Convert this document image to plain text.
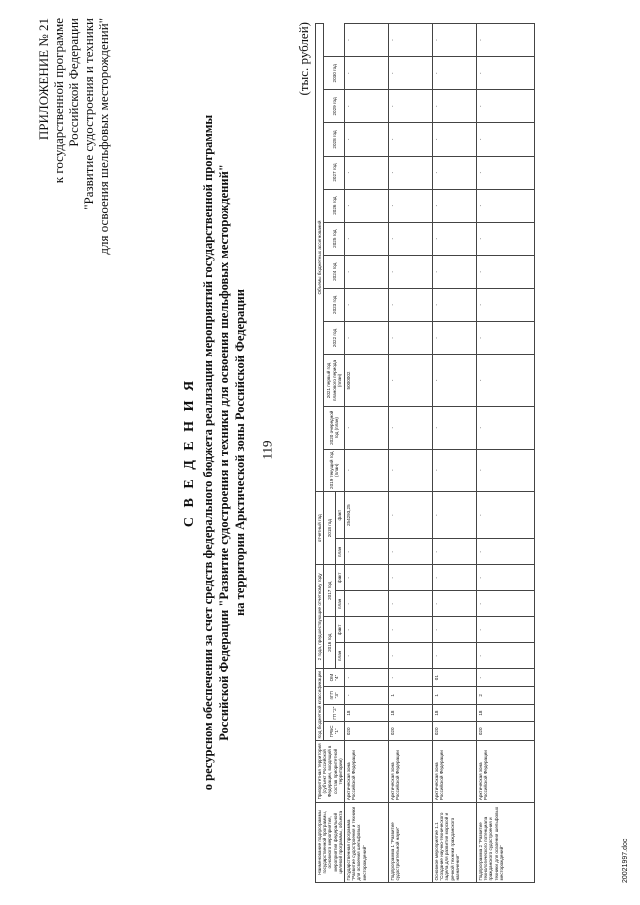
119
ПРИЛОЖЕНИЕ № 21 к государственной программе Российской Федерации "Развитие судостроения и техники для освоения шельфовых месторождений"
С В Е Д Е Н И Я о ресурсном обеспечении за счет средств федерального бюджета реализации мероприятий государственной программы Российской Федерации "Развитие судостроения и техники для освоения шельфовых месторождений" на территории Арктической зоны Российской Федерации
(тыс. рублей)
Наименование подпрограммы государственной программы, основного мероприятия, мероприятия федеральной целевой программы, объекта	Приоритетная территория (субъект Российской Федерации, входящий в состав приоритетной территории)	Код бюджетной классификации				2 года, предшествующие отчетному году				отчетный год		Объемы бюджетных ассигнований												
		ГРБС "1"	ГП "2"	пГП "3"	ОМ "4"	2016 год		2017 год		2018 год		2019 текущий год (план)	2020 очередной год (план)	2021 первый год планового периода (план)	2022 год	2023 год	2024 год	2025 год	2026 год	2027 год	2028 год	2029 год	2030 год	
						план	факт	план	факт	план	факт													
Государственная программа "Развитие судостроения и техники для освоения шельфовых месторождений"	Арктическая зона Российской Федерации	020	18	-	-	-	-	-	-	-	254293,25	-	-	5000002	-	-	-	-	-	-	-	-	-	-
Подпрограмма 1 "Развитие судостроительной науки"	Арктическая зона Российской Федерации	020	18	1	-	-	-	-	-	-	-	-	-	-	-	-	-	-	-	-	-	-	-	-
Основное мероприятие 1.1 "Создание научно-технического задела для развития морской и речной техники гражданского назначения"	Арктическая зона Российской Федерации	020	18	1	01	-	-	-	-	-	-	-	-	-	-	-	-	-	-	-	-	-	-	-
Подпрограмма 2 "Развитие технологического потенциала гражданского судостроения и техники для освоения шельфовых месторождений"	Арктическая зона Российской Федерации	020	18	2	-	-	-	-	-	-	-	-	-	-	-	-	-	-	-	-	-	-	-	-
20021997.doc
